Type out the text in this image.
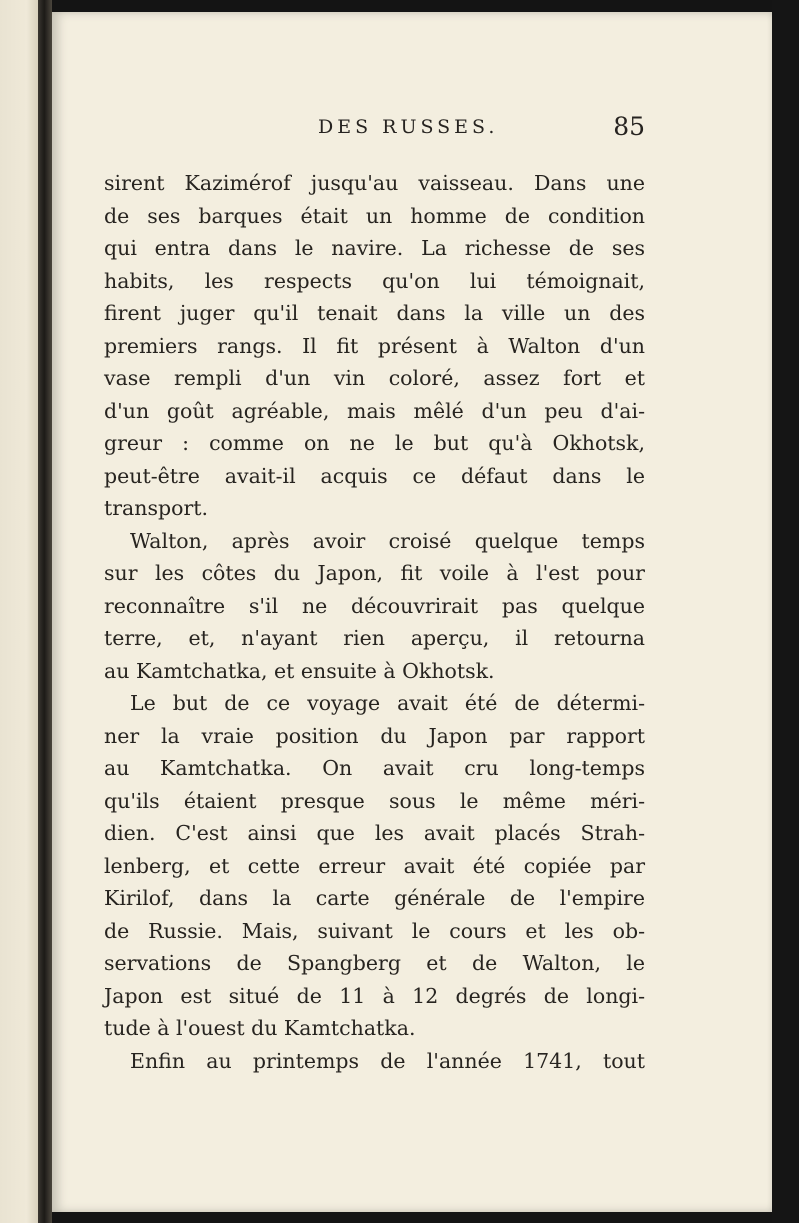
DES RUSSES.	85
sirent Kazimérof jusqu'au vaisseau. Dans une
de ses barques était un homme de condition
qui entra dans le navire. La richesse de ses
habits, les respects qu'on lui témoignait,
firent juger qu'il tenait dans la ville un des
premiers rangs. Il fit présent à Walton d'un
vase rempli d'un vin coloré, assez fort et
d'un goût agréable, mais mêlé d'un peu d'ai-
greur : comme on ne le but qu'à Okhotsk,
peut-être avait-il acquis ce défaut dans le
transport.
Walton, après avoir croisé quelque temps
sur les côtes du Japon, fit voile à l'est pour
reconnaître s'il ne découvrirait pas quelque
terre, et, n'ayant rien aperçu, il retourna
au Kamtchatka, et ensuite à Okhotsk.
Le but de ce voyage avait été de détermi-
ner la vraie position du Japon par rapport
au Kamtchatka. On avait cru long-temps
qu'ils étaient presque sous le même méri-
dien. C'est ainsi que les avait placés Strah-
lenberg, et cette erreur avait été copiée par
Kirilof, dans la carte générale de l'empire
de Russie. Mais, suivant le cours et les ob-
servations de Spangberg et de Walton, le
Japon est situé de 11 à 12 degrés de longi-
tude à l'ouest du Kamtchatka.
Enfin au printemps de l'année 1741, tout
